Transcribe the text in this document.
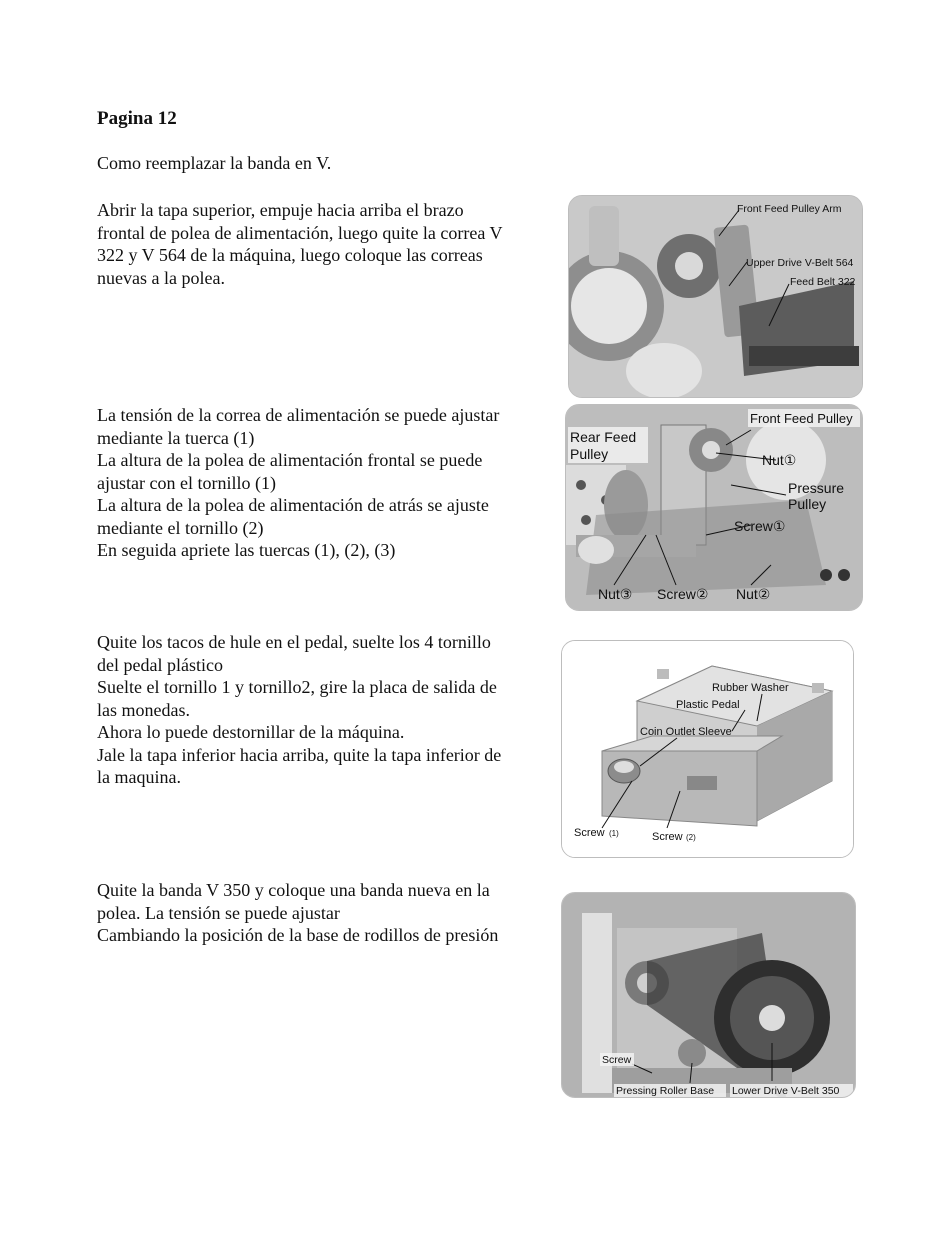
Pagina 12
Como reemplazar la banda en V.

Abrir la tapa superior, empuje hacia arriba el brazo

frontal de polea de alimentación, luego quite la correa V

322 y V 564 de la máquina, luego coloque las correas

nuevas a la polea.

Front Feed Pulley Arm
Upper Drive V-Belt 564
Feed Belt 322

La tensión de la correa de alimentación se puede ajustar

mediante la tuerca (1)

La altura de la polea de alimentación frontal se puede

ajustar con el tornillo (1)

La altura de la polea de alimentación de atrás se ajuste

mediante el tornillo (2)

En seguida apriete las tuercas (1), (2), (3)

Front Feed Pulley
Rear Feed
Pulley	Nut①
Pressure
Pulley
Screw①
Nut③ Screw② Nut②

Quite los tacos de hule en el pedal, suelte los 4 tornillo

del pedal plástico

Suelte el tornillo 1 y tornillo2, gire la placa de salida de

las monedas.

Ahora lo puede destornillar de la máquina.

Jale la tapa inferior hacia arriba, quite la tapa inferior de

la maquina.

Rubber Washer
Plastic Pedal
Coin Outlet Sleeve
Screw (1)	Screw (2)

Quite la banda V 350 y coloque una banda nueva en la

polea. La tensión se puede ajustar

Cambiando la posición de la base de rodillos de presión

Screw
Pressing Roller Base Lower Drive V-Belt 350
